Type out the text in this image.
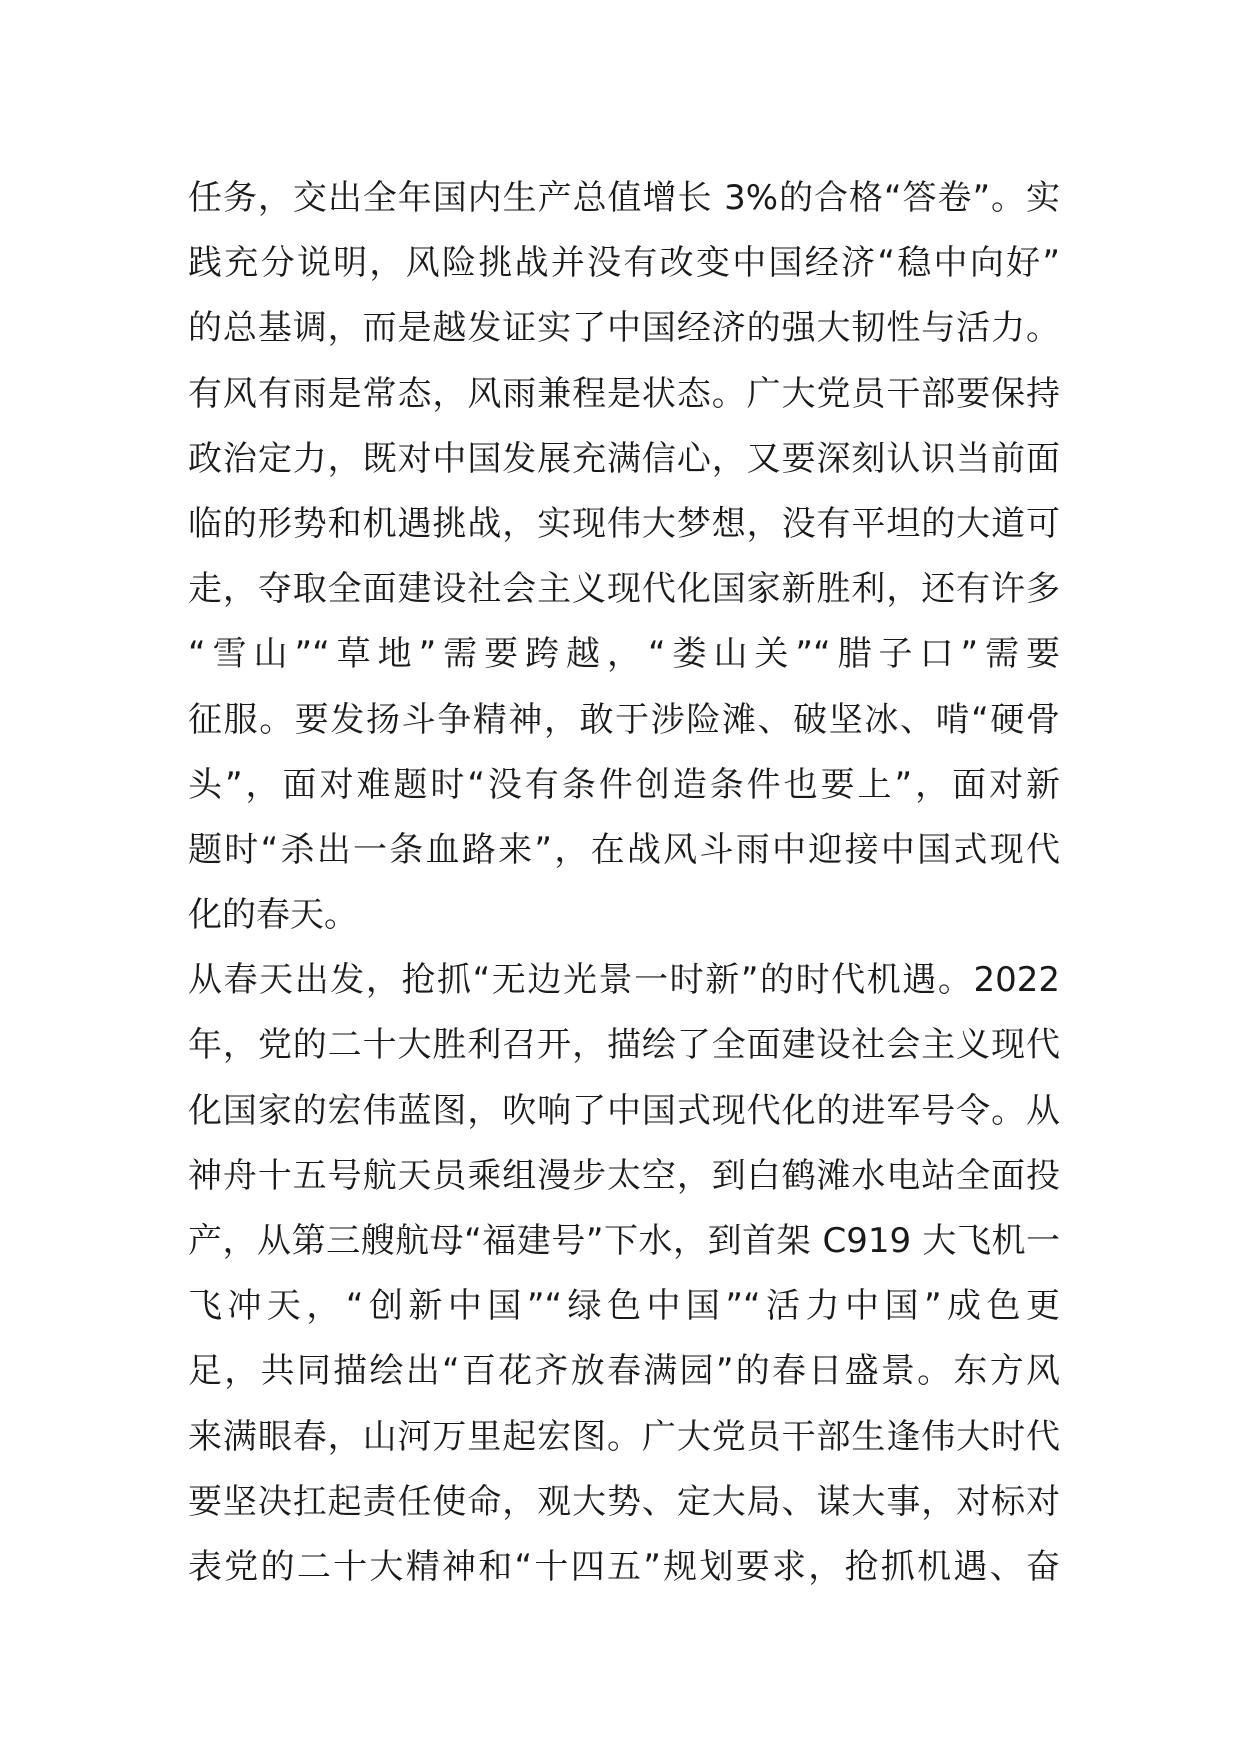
任务，交出全年国内生产总值增长 3%的合格“答卷”。实
践充分说明，风险挑战并没有改变中国经济“稳中向好”
的总基调，而是越发证实了中国经济的强大韧性与活力。
有风有雨是常态，风雨兼程是状态。广大党员干部要保持
政治定力，既对中国发展充满信心，又要深刻认识当前面
临的形势和机遇挑战，实现伟大梦想，没有平坦的大道可
走，夺取全面建设社会主义现代化国家新胜利，还有许多
“雪山”“草地”需要跨越，“娄山关”“腊子口”需要
征服。要发扬斗争精神，敢于涉险滩、破坚冰、啃“硬骨
头”，面对难题时“没有条件创造条件也要上”，面对新
题时“杀出一条血路来”，在战风斗雨中迎接中国式现代
化的春天。
从春天出发，抢抓“无边光景一时新”的时代机遇。2022
年，党的二十大胜利召开，描绘了全面建设社会主义现代
化国家的宏伟蓝图，吹响了中国式现代化的进军号令。从
神舟十五号航天员乘组漫步太空，到白鹤滩水电站全面投
产，从第三艘航母“福建号”下水，到首架 C919 大飞机一
飞冲天，“创新中国”“绿色中国”“活力中国”成色更
足，共同描绘出“百花齐放春满园”的春日盛景。东方风
来满眼春，山河万里起宏图。广大党员干部生逢伟大时代
要坚决扛起责任使命，观大势、定大局、谋大事，对标对
表党的二十大精神和“十四五”规划要求，抢抓机遇、奋
